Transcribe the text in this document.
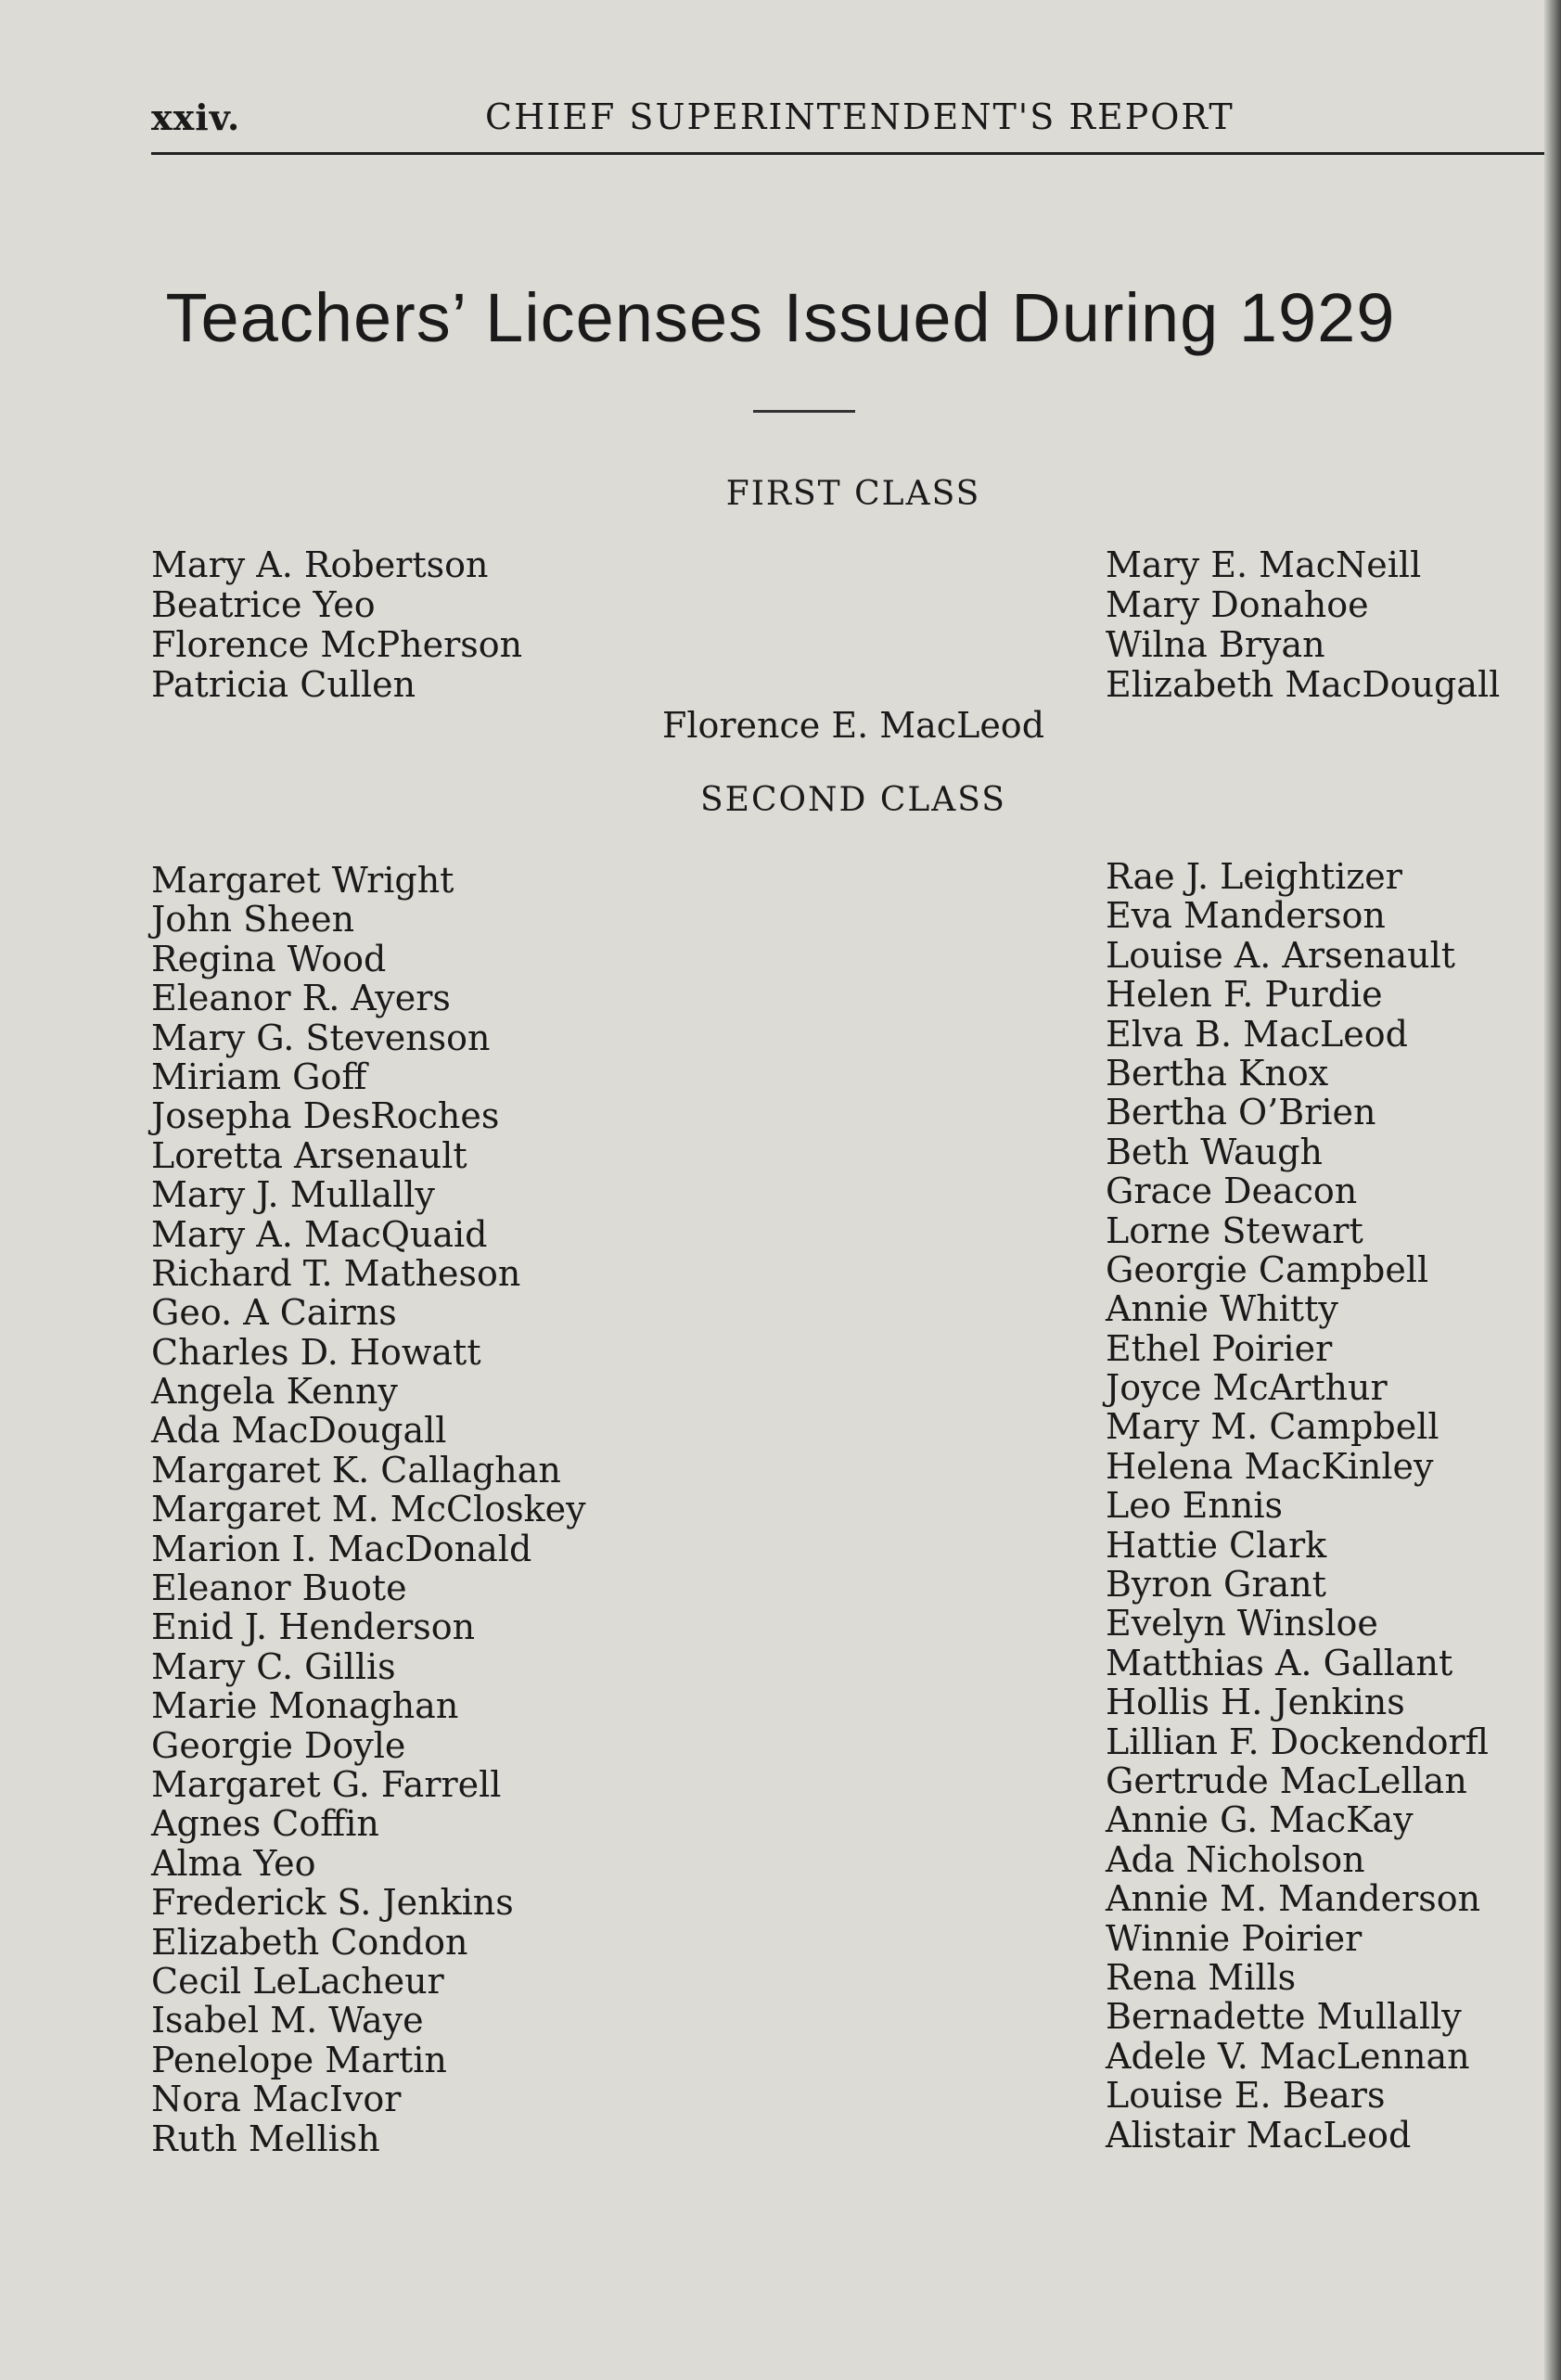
xxiv.	CHIEF SUPERINTENDENT'S REPORT
Teachers’ Licenses Issued During 1929
FIRST CLASS
Mary A. Robertson
Beatrice Yeo
Florence McPherson
Patricia Cullen
Mary E. MacNeill
Mary Donahoe
Wilna Bryan
Elizabeth MacDougall
Florence E. MacLeod
SECOND CLASS
Margaret Wright
John Sheen
Regina Wood
Eleanor R. Ayers
Mary G. Stevenson
Miriam Goff
Josepha DesRoches
Loretta Arsenault
Mary J. Mullally
Mary A. MacQuaid
Richard T. Matheson
Geo. A Cairns
Charles D. Howatt
Angela Kenny
Ada MacDougall
Margaret K. Callaghan
Margaret M. McCloskey
Marion I. MacDonald
Eleanor Buote
Enid J. Henderson
Mary C. Gillis
Marie Monaghan
Georgie Doyle
Margaret G. Farrell
Agnes Coffin
Alma Yeo
Frederick S. Jenkins
Elizabeth Condon
Cecil LeLacheur
Isabel M. Waye
Penelope Martin
Nora MacIvor
Ruth Mellish
Rae J. Leightizer
Eva Manderson
Louise A. Arsenault
Helen F. Purdie
Elva B. MacLeod
Bertha Knox
Bertha O’Brien
Beth Waugh
Grace Deacon
Lorne Stewart
Georgie Campbell
Annie Whitty
Ethel Poirier
Joyce McArthur
Mary M. Campbell
Helena MacKinley
Leo Ennis
Hattie Clark
Byron Grant
Evelyn Winsloe
Matthias A. Gallant
Hollis H. Jenkins
Lillian F. Dockendorfl
Gertrude MacLellan
Annie G. MacKay
Ada Nicholson
Annie M. Manderson
Winnie Poirier
Rena Mills
Bernadette Mullally
Adele V. MacLennan
Louise E. Bears
Alistair MacLeod
